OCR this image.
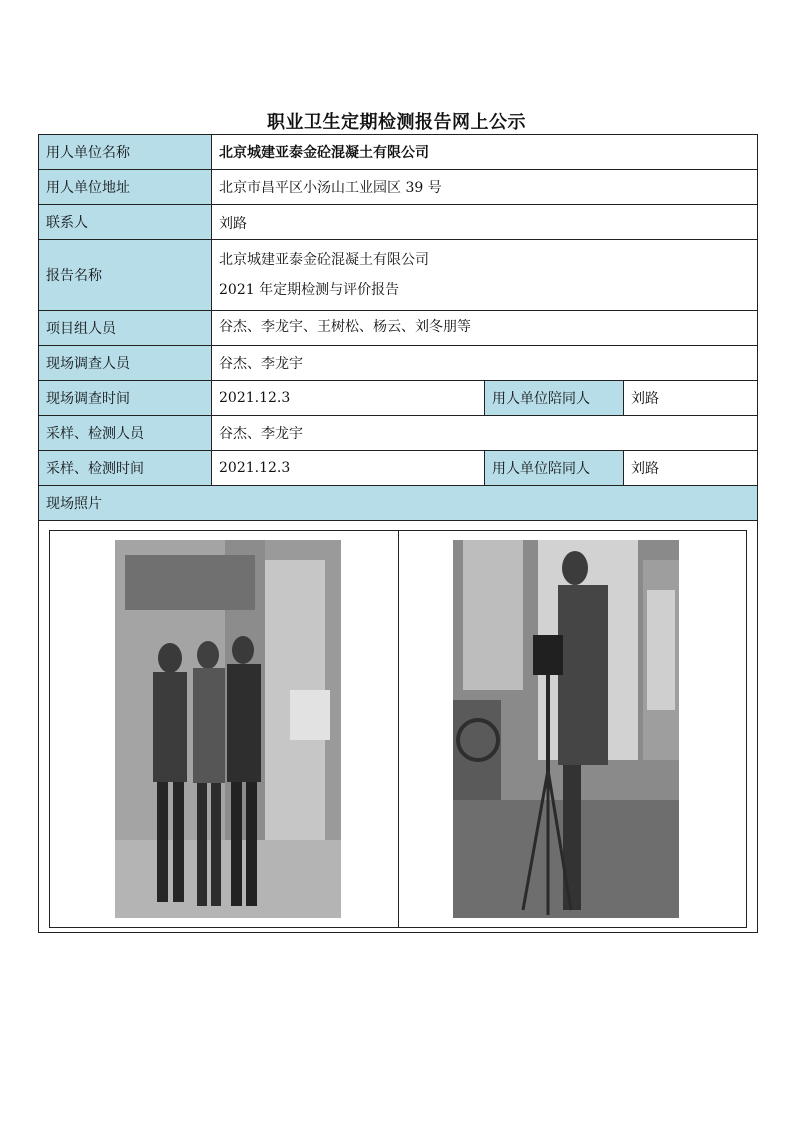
职业卫生定期检测报告网上公示
用人单位名称	北京城建亚泰金砼混凝土有限公司		
用人单位地址	北京市昌平区小汤山工业园区 39 号		
联系人	刘路		
报告名称	北京城建亚泰金砼混凝土有限公司
2021 年定期检测与评价报告		

项目组人员	谷杰、李龙宇、王树松、杨云、刘冬朋等		
现场调查人员	谷杰、李龙宇		
现场调查时间	2021.12.3	用人单位陪同人	刘路
采样、检测人员	谷杰、李龙宇		
采样、检测时间	2021.12.3	用人单位陪同人	刘路
现场照片			
